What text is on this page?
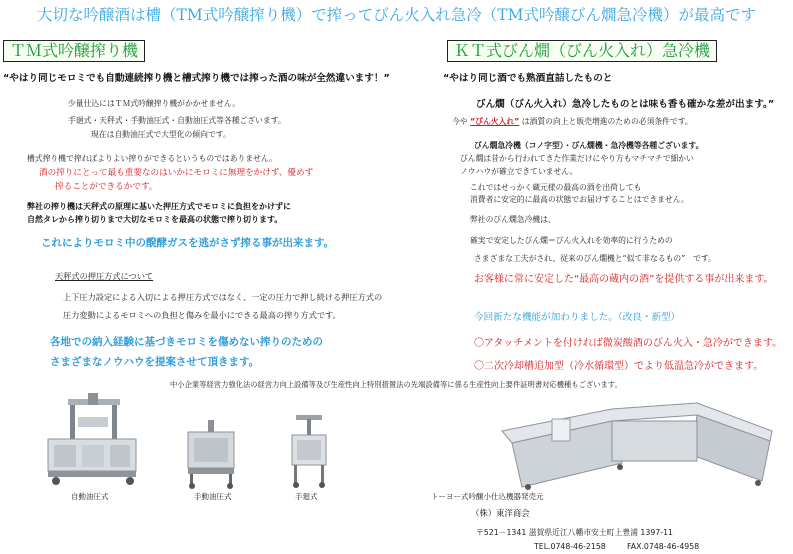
大切な吟醸酒は槽（TM式吟醸搾り機）で搾ってびん火入れ急冷（TM式吟醸びん燗急冷機）が最高です
ＴＭ式吟醸搾り機
“やはり同じモロミでも自動連続搾り機と槽式搾り機では搾った酒の味が全然違います！”
少量仕込にはＴＭ式吟醸搾り機がかかせません。
手廻式・天秤式・手動油圧式・自動油圧式等各種ございます。
現在は自動油圧式で大型化の傾向です。
槽式搾り機で搾ればよりよい搾りができるというものではありません。
酒の搾りにとって最も重要なのはいかにモロミに無理をかけず、優めず
搾ることができるかです。
弊社の搾り機は天秤式の原理に基いた押圧方式でモロミに負担をかけずに
自然タレから搾り切りまで大切なモロミを最高の状態で搾り切ります。
これによりモロミ中の醗酵ガスを逃がさず搾る事が出来ます。
天秤式の押圧方式について
上下圧力設定による入切による押圧方式ではなく、一定の圧力で押し続ける押圧方式の
圧力変動によるモロミへの負担と傷みを最小にできる最高の搾り方式です。
各地での納入経験に基づきモロミを傷めない搾りのための
さまざまなノウハウを提案させて頂きます。
ＫＴ式びん燗（びん火入れ）急冷機
“やはり同じ酒でも熟酒直詰したものと
びん燗（びん火入れ）急冷したものとは味も香も確かな差が出ます。”
今や “びん火入れ” は酒質の向上と販売増進のための必須条件です。
びん燗急冷機（コノ字型）・びん燗機・急冷機等各種ございます。
びん燗は昔から行われてきた作業だけにやり方もマチマチで細かい
ノウハウが確立できていません。
これではせっかく蔵元様の最高の酒を出荷しても
消費者に安定的に最高の状態でお届けすることはできません。
弊社のびん燗急冷機は、
確実で安定したびん燗＝びん火入れを効率的に行うための
さまざまな工夫がされ、従来のびん燗機と“似て非なるもの”　です。
お客様に常に安定した“最高の蔵内の酒”を提供する事が出来ます。
今回新たな機能が加わりました。（改良・新型）
〇アタッチメントを付ければ微炭酸酒のびん火入・急冷ができます。
〇二次冷却槽追加型（冷水循環型）でより低温急冷ができます。
中小企業等経営力強化法の経営力向上設備等及び生産性向上特別措置法の先端設備等に係る生産性向上要件証明書対応機種もございます。
自動油圧式	手動油圧式	手廻式	トーヨー式吟醸小仕込機器発売元
（株）東洋商会
〒521－1341 滋賀県近江八幡市安土町上豊浦 1397-11
TEL.0748-46-2158	FAX.0748-46-4958
